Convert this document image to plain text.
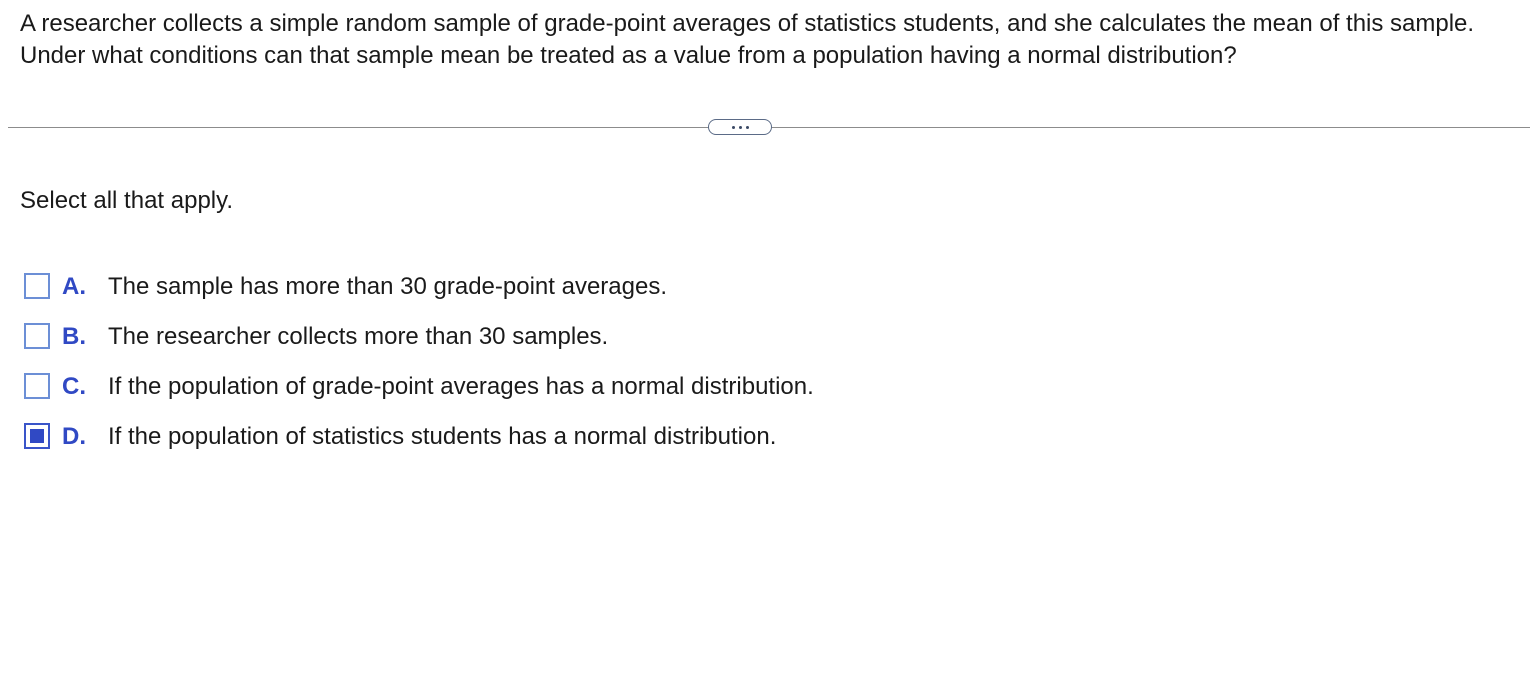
A researcher collects a simple random sample of grade-point averages of statistics students, and she calculates the mean of this sample. Under what conditions can that sample mean be treated as a value from a population having a normal distribution?

Select all that apply.

A. The sample has more than 30 grade-point averages.
B. The researcher collects more than 30 samples.
C. If the population of grade-point averages has a normal distribution.
D. If the population of statistics students has a normal distribution.
